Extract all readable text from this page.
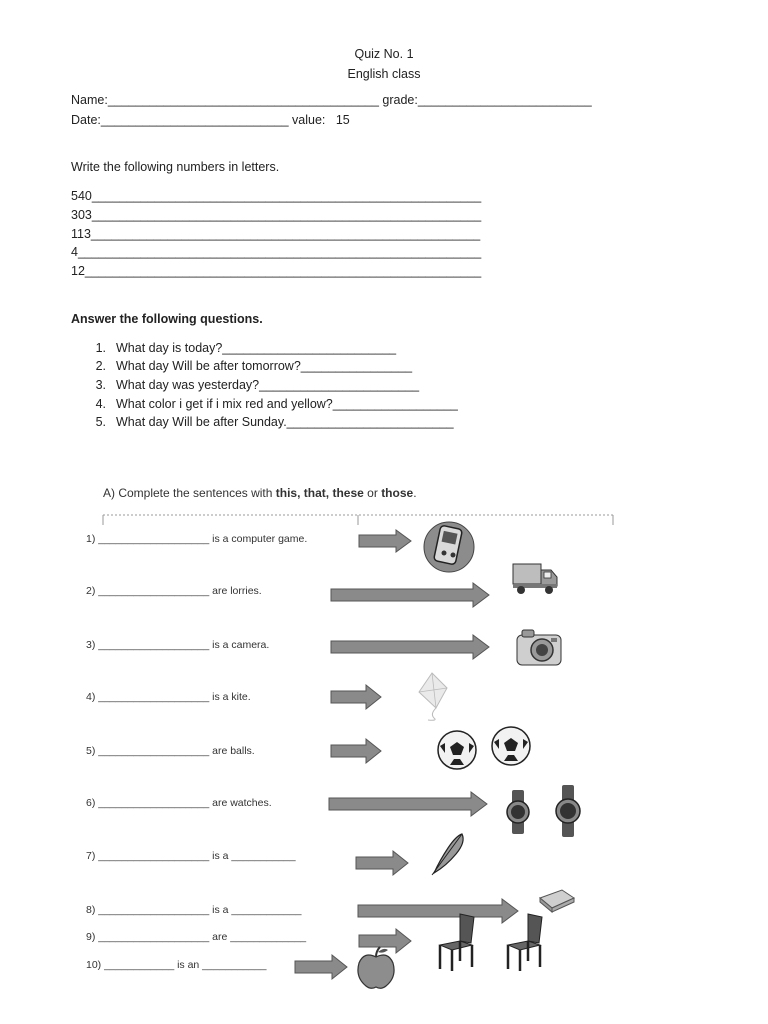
Quiz No. 1
English class
Name:_______________________________________ grade:_________________________
Date:___________________________ value: 15
Write the following numbers in letters.
540________________________________________________________
303________________________________________________________
113________________________________________________________
4__________________________________________________________
12_________________________________________________________
Answer the following questions.
1. What day is today?_________________________
2. What day Will be after tomorrow?________________
3. What day was yesterday?_______________________
4. What color i get if i mix red and yellow?__________________
5. What day Will be after Sunday.________________________
A) Complete the sentences with this, that, these or those.
1) ___________________ is a computer game.
2) ___________________ are lorries.
3) ___________________ is a camera.
4) ___________________ is a kite.
5) ___________________ are balls.
6) ___________________ are watches.
7) ___________________ is a ___________
8) ___________________ is a ____________
9) ___________________ are _____________
10) ____________ is an ___________
